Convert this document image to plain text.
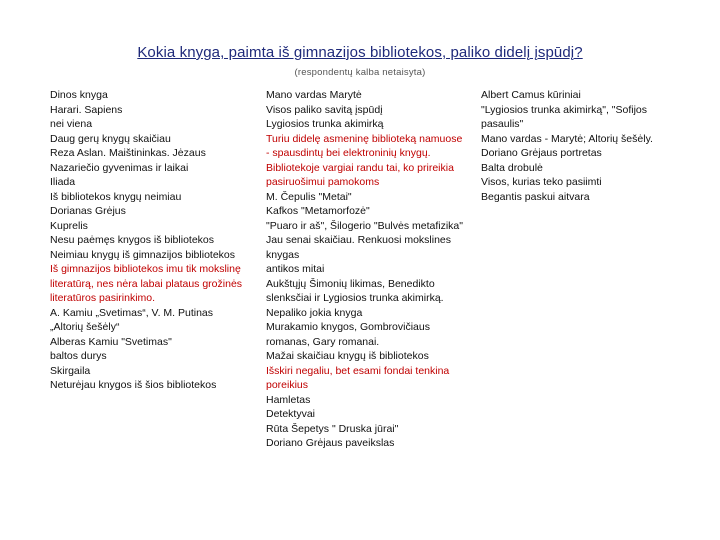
Kokia knyga, paimta iš gimnazijos bibliotekos, paliko didelį įspūdį?
(respondentų kalba netaisyta)
Dinos knyga
Harari. Sapiens
nei viena
Daug gerų knygų skaičiau
Reza Aslan. Maištininkas. Jėzaus
Nazariečio gyvenimas ir laikai
Iliada
Iš bibliotekos knygų neimiau
Dorianas Grėjus
Kuprelis
Nesu paėmęs knygos iš bibliotekos
Neimiau knygų iš gimnazijos bibliotekos
Iš gimnazijos bibliotekos imu tik mokslinę literatūrą, nes nėra labai plataus grožinės literatūros pasirinkimo.
A. Kamiu „Svetimas“, V. M. Putinas
„Altorių šešėly“
Alberas Kamiu "Svetimas"
baltos durys
Skirgaila
Neturėjau knygos iš šios bibliotekos
Mano vardas Marytė
Visos paliko savitą įspūdį
Lygiosios trunka akimirką
Turiu didelę asmeninę biblioteką namuose - spausdintų bei elektroninių knygų. Bibliotekoje vargiai randu tai, ko prireikia pasiruošimui pamokoms
M. Čepulis "Metai"
Kafkos "Metamorfozė"
"Puaro ir aš", Šilogerio "Bulvės metafizika"
Jau senai skaičiau. Renkuosi mokslines knygas
antikos mitai
Aukštųjų Šimonių likimas, Benedikto slenksčiai ir Lygiosios trunka akimirką.
Nepaliko jokia knyga
Murakamio knygos, Gombrovičiaus romanas, Gary romanai.
Mažai skaičiau knygų iš bibliotekos
Išskiri negaliu, bet esami fondai tenkina poreikius
Hamletas
Detektyvai
Rūta Šepetys " Druska jūrai"
Doriano Grėjaus paveikslas
Albert Camus kūriniai
"Lygiosios trunka akimirką", "Sofijos pasaulis"
Mano vardas - Marytė; Altorių šešėly.
Doriano Grėjaus portretas
Balta drobulė
Visos, kurias teko pasiimti
Begantis paskui aitvara
